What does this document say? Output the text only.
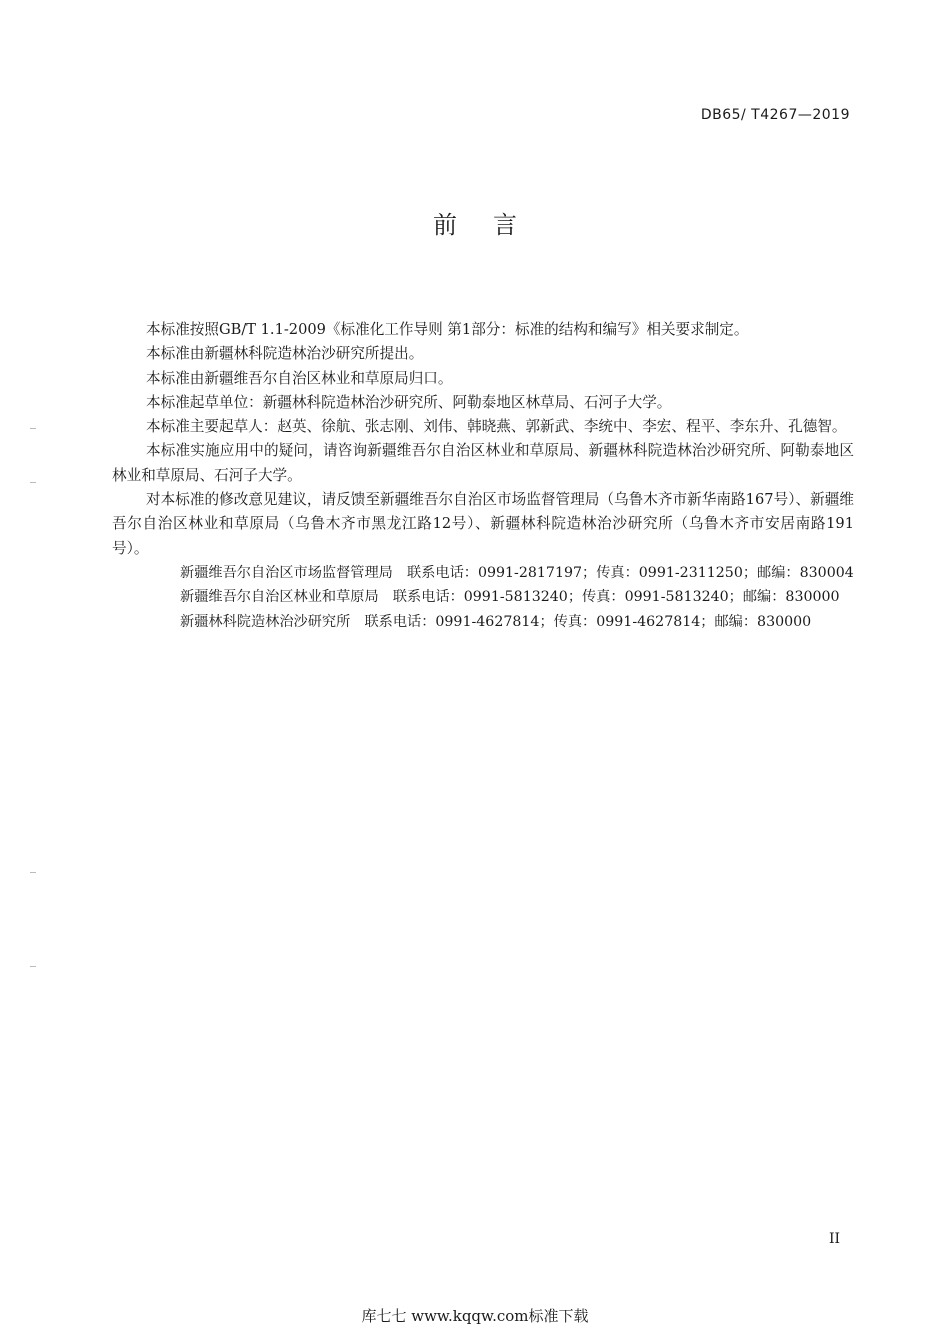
DB65/ T4267—2019
前言

本标准按照GB/T 1.1-2009《标准化工作导则 第1部分：标准的结构和编写》相关要求制定。

本标准由新疆林科院造林治沙研究所提出。

本标准由新疆维吾尔自治区林业和草原局归口。

本标准起草单位：新疆林科院造林治沙研究所、阿勒泰地区林草局、石河子大学。

本标准主要起草人：赵英、徐航、张志刚、刘伟、韩晓燕、郭新武、李统中、李宏、程平、李东升、孔德智。

本标准实施应用中的疑问，请咨询新疆维吾尔自治区林业和草原局、新疆林科院造林治沙研究所、阿勒泰地区林业和草原局、石河子大学。

对本标准的修改意见建议，请反馈至新疆维吾尔自治区市场监督管理局（乌鲁木齐市新华南路167号）、新疆维吾尔自治区林业和草原局（乌鲁木齐市黑龙江路12号）、新疆林科院造林治沙研究所（乌鲁木齐市安居南路191号）。

新疆维吾尔自治区市场监督管理局　联系电话：0991-2817197；传真：0991-2311250；邮编：830004

新疆维吾尔自治区林业和草原局　联系电话：0991-5813240；传真：0991-5813240；邮编：830000

新疆林科院造林治沙研究所　联系电话：0991-4627814；传真：0991-4627814；邮编：830000

II
库七七 www.kqqw.com标准下载
